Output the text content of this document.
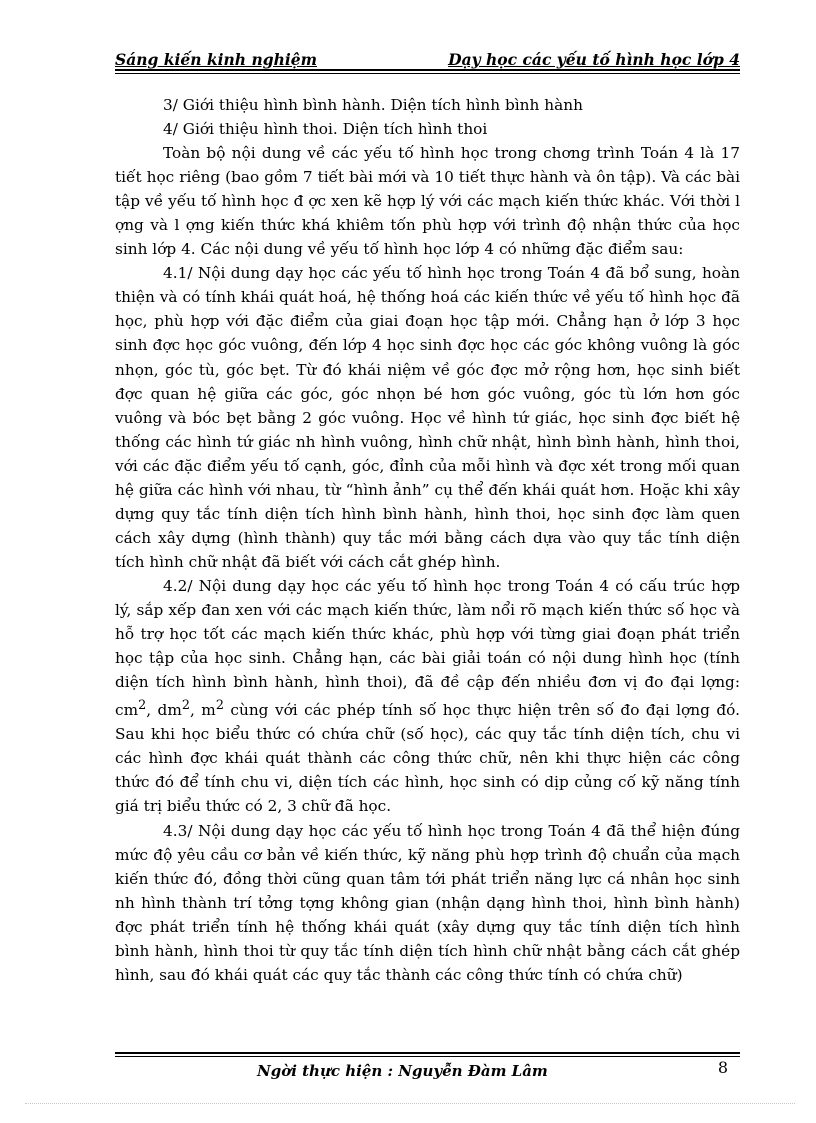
Sáng kiến kinh nghiệm	Dạy học các yếu tố hình học lớp 4

3/ Giới thiệu hình bình hành. Diện tích hình bình hành

4/ Giới thiệu hình thoi. Diện tích hình thoi

Toàn bộ nội dung về các yếu tố hình học trong chơng trình Toán 4 là 17 tiết học riêng (bao gồm 7 tiết bài mới và 10 tiết thực hành và ôn tập). Và các bài tập về yếu tố hình học đ ợc xen kẽ hợp lý với các mạch kiến thức khác. Với thời l ợng và l ợng kiến thức khá khiêm tốn phù hợp với trình độ nhận thức của học sinh lớp 4. Các nội dung về yếu tố hình học lớp 4 có những đặc điểm sau:

4.1/ Nội dung dạy học các yếu tố hình học trong Toán 4 đã bổ sung, hoàn thiện và có tính khái quát hoá, hệ thống hoá các kiến thức về yếu tố hình học đã học, phù hợp với đặc điểm của giai đoạn học tập mới. Chẳng hạn ở lớp 3 học sinh đợc học góc vuông, đến lớp 4 học sinh đợc học các góc không vuông là góc nhọn, góc tù, góc bẹt. Từ đó khái niệm về góc đợc mở rộng hơn, học sinh biết đợc quan hệ giữa các góc, góc nhọn bé hơn góc vuông, góc tù lớn hơn góc vuông và bóc bẹt bằng 2 góc vuông. Học về hình tứ giác, học sinh đợc biết hệ thống các hình tứ giác nh hình vuông, hình chữ nhật, hình bình hành, hình thoi, với các đặc điểm yếu tố cạnh, góc, đỉnh của mỗi hình và đợc xét trong mối quan hệ giữa các hình với nhau, từ “hình ảnh” cụ thể đến khái quát hơn. Hoặc khi xây dựng quy tắc tính diện tích hình bình hành, hình thoi, học sinh đợc làm quen cách xây dựng (hình thành) quy tắc mới bằng cách dựa vào quy tắc tính diện tích hình chữ nhật đã biết với cách cắt ghép hình.

4.2/ Nội dung dạy học các yếu tố hình học trong Toán 4 có cấu trúc hợp lý, sắp xếp đan xen với các mạch kiến thức, làm nổi rõ mạch kiến thức số học và hỗ trợ học tốt các mạch kiến thức khác, phù hợp với từng giai đoạn phát triển học tập của học sinh. Chẳng hạn, các bài giải toán có nội dung hình học (tính diện tích hình bình hành, hình thoi), đã đề cập đến nhiều đơn vị đo đại lợng: $cm^2$, $dm^2$, $m^2$ cùng với các phép tính số học thực hiện trên số đo đại lợng đó. Sau khi học biểu thức có chứa chữ (số học), các quy tắc tính diện tích, chu vi các hình đợc khái quát thành các công thức chữ, nên khi thực hiện các công thức đó để tính chu vi, diện tích các hình, học sinh có dịp củng cố kỹ năng tính giá trị biểu thức có 2, 3 chữ đã học.

4.3/ Nội dung dạy học các yếu tố hình học trong Toán 4 đã thể hiện đúng mức độ yêu cầu cơ bản về kiến thức, kỹ năng phù hợp trình độ chuẩn của mạch kiến thức đó, đồng thời cũng quan tâm tới phát triển năng lực cá nhân học sinh nh hình thành trí tởng tợng không gian (nhận dạng hình thoi, hình bình hành) đợc phát triển tính hệ thống khái quát (xây dựng quy tắc tính diện tích hình bình hành, hình thoi từ quy tắc tính diện tích hình chữ nhật bằng cách cắt ghép hình, sau đó khái quát các quy tắc thành các công thức tính có chứa chữ)

Ngời thực hiện : Nguyễn Đàm Lâm	8
